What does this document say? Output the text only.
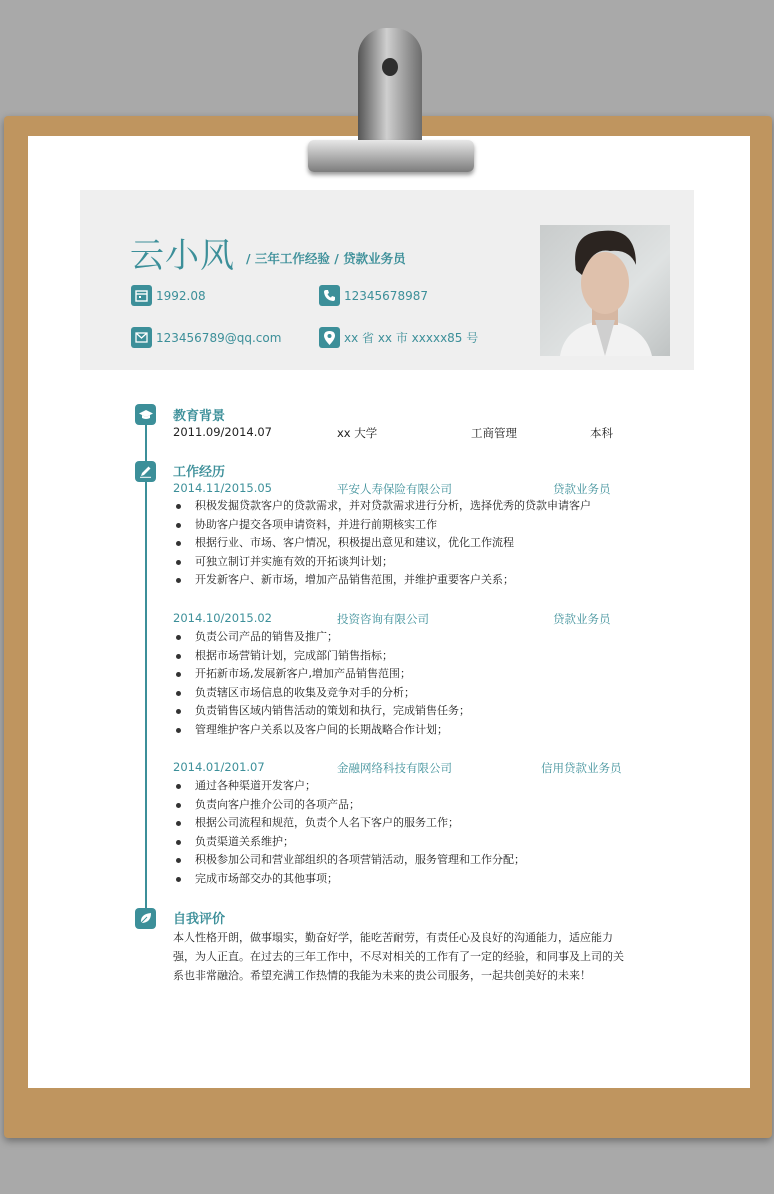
云小风 / 三年工作经验 / 贷款业务员
1992.08	12345678987
123456789@qq.com	xx 省 xx 市 xxxxx85 号
教育背景
2011.09/2014.07	xx 大学	工商管理	本科
工作经历
2014.11/2015.05	平安人寿保险有限公司	贷款业务员
积极发掘贷款客户的贷款需求，并对贷款需求进行分析，选择优秀的贷款申请客户
协助客户提交各项申请资料，并进行前期核实工作
根据行业、市场、客户情况，积极提出意见和建议，优化工作流程
可独立制订并实施有效的开拓谈判计划；
开发新客户、新市场，增加产品销售范围，并维护重要客户关系；
2014.10/2015.02	投资咨询有限公司	贷款业务员
负责公司产品的销售及推广；
根据市场营销计划，完成部门销售指标；
开拓新市场,发展新客户,增加产品销售范围；
负责辖区市场信息的收集及竞争对手的分析；
负责销售区域内销售活动的策划和执行，完成销售任务；
管理维护客户关系以及客户间的长期战略合作计划；
2014.01/201.07	金融网络科技有限公司	信用贷款业务员
通过各种渠道开发客户；
负责向客户推介公司的各项产品；
根据公司流程和规范，负责个人名下客户的服务工作；
负责渠道关系维护；
积极参加公司和营业部组织的各项营销活动，服务管理和工作分配；
完成市场部交办的其他事项；
自我评价
本人性格开朗，做事塌实，勤奋好学，能吃苦耐劳，有责任心及良好的沟通能力，适应能力强，为人正直。在过去的三年工作中，不尽对相关的工作有了一定的经验，和同事及上司的关系也非常融洽。希望充满工作热情的我能为未来的贵公司服务，一起共创美好的未来！
